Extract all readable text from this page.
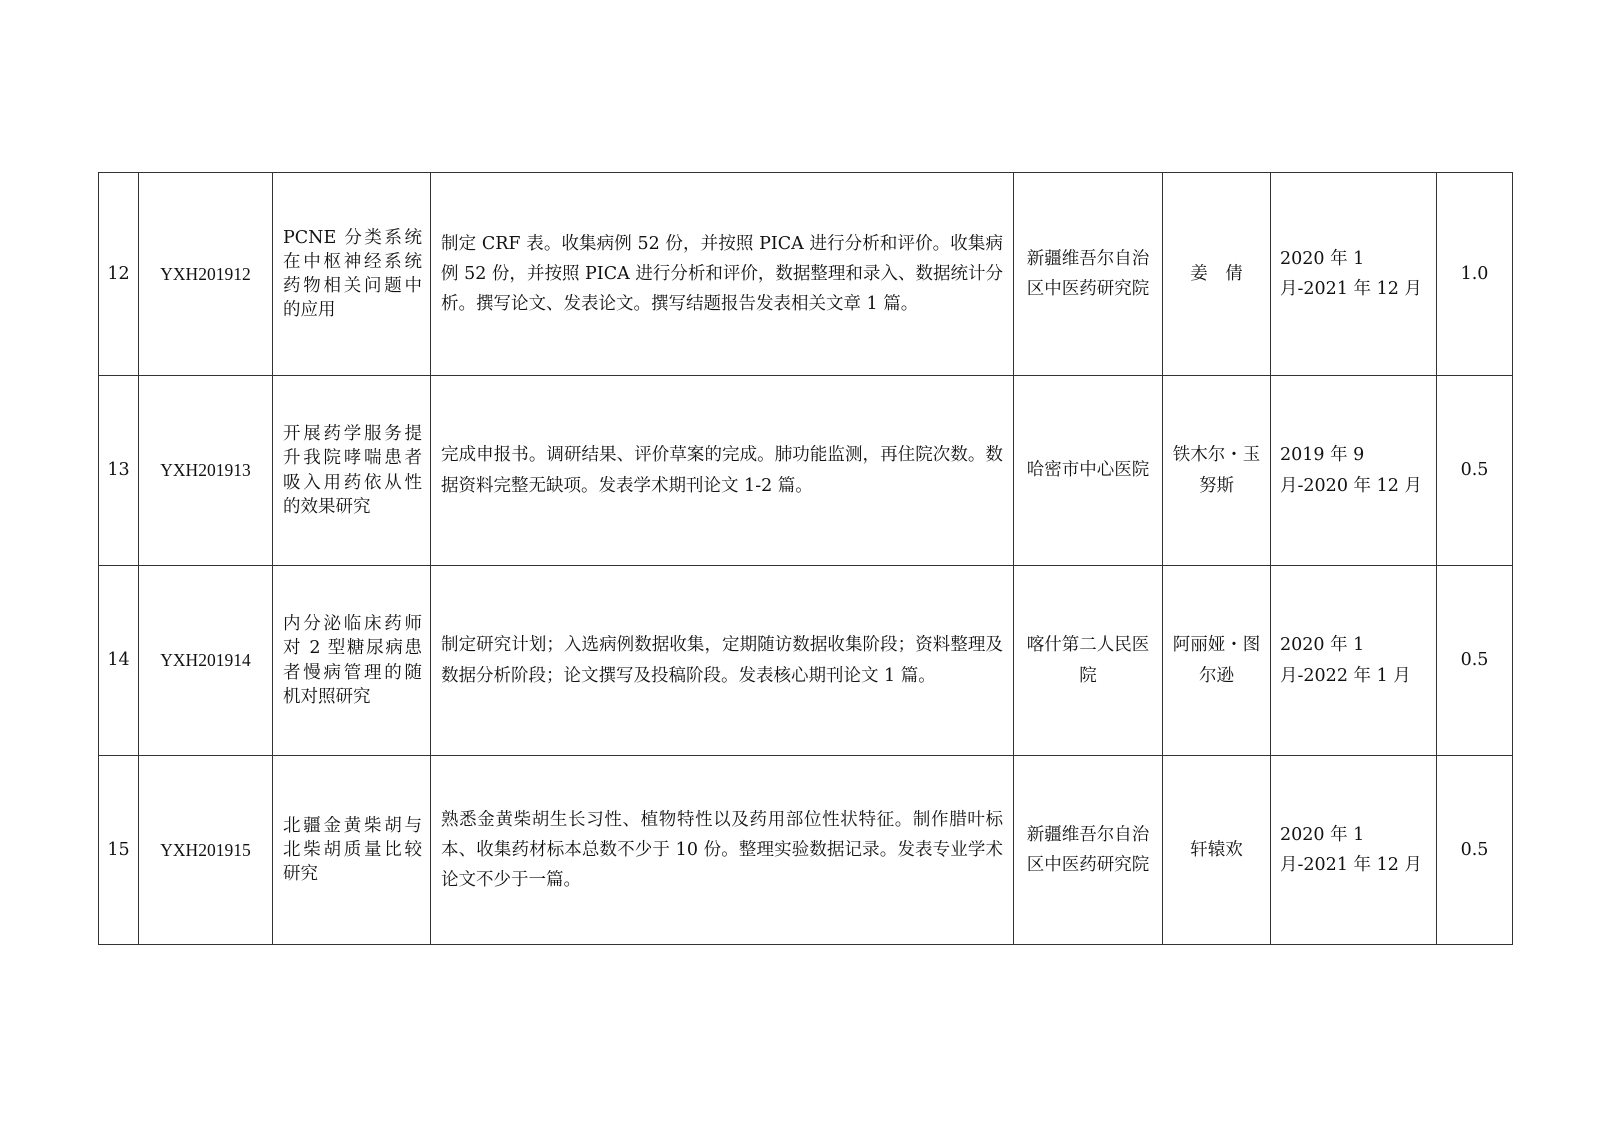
12	YXH201912	PCNE 分类系统在中枢神经系统药物相关问题中的应用	制定 CRF 表。收集病例 52 份，并按照 PICA 进行分析和评价。收集病例 52 份，并按照 PICA 进行分析和评价，数据整理和录入、数据统计分析。撰写论文、发表论文。撰写结题报告发表相关文章 1 篇。	新疆维吾尔自治区中医药研究院	姜　倩	2020 年 1 月-2021 年 12 月	1.0
13	YXH201913	开展药学服务提升我院哮喘患者吸入用药依从性的效果研究	完成申报书。调研结果、评价草案的完成。肺功能监测，再住院次数。数据资料完整无缺项。发表学术期刊论文 1-2 篇。	哈密市中心医院	铁木尔・玉努斯	2019 年 9 月-2020 年 12 月	0.5
14	YXH201914	内分泌临床药师对 2 型糖尿病患者慢病管理的随机对照研究	制定研究计划；入选病例数据收集，定期随访数据收集阶段；资料整理及数据分析阶段；论文撰写及投稿阶段。发表核心期刊论文 1 篇。	喀什第二人民医院	阿丽娅・图尔逊	2020 年 1 月-2022 年 1 月	0.5
15	YXH201915	北疆金黄柴胡与北柴胡质量比较研究	熟悉金黄柴胡生长习性、植物特性以及药用部位性状特征。制作腊叶标本、收集药材标本总数不少于 10 份。整理实验数据记录。发表专业学术论文不少于一篇。	新疆维吾尔自治区中医药研究院	轩辕欢	2020 年 1 月-2021 年 12 月	0.5
